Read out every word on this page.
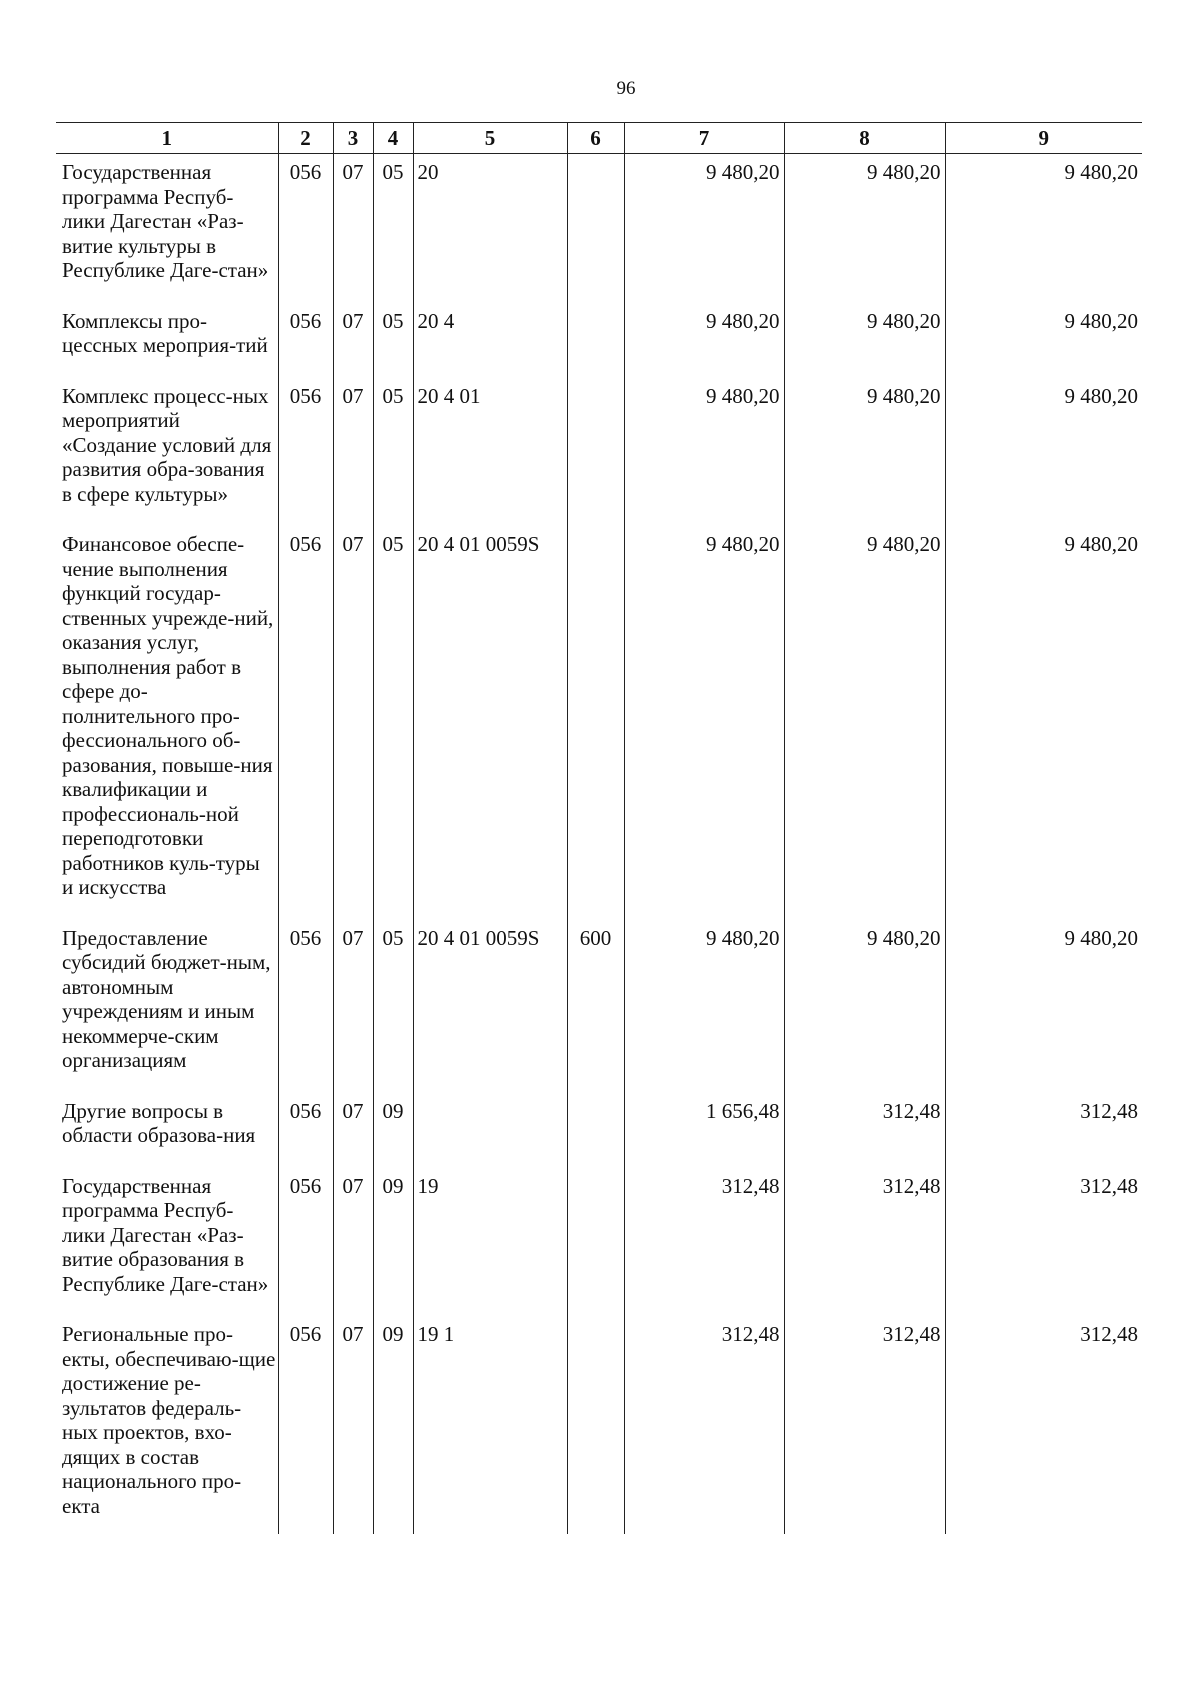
96
1	2	3	4	5	6	7	8	9
Государственная программа Респуб-лики Дагестан «Раз-витие культуры в Республике Даге-стан»	056	07	05	20		9 480,20	9 480,20	9 480,20
Комплексы про-цессных мероприя-тий	056	07	05	20 4		9 480,20	9 480,20	9 480,20
Комплекс процесс-ных мероприятий «Создание условий для развития обра-зования в сфере культуры»	056	07	05	20 4 01		9 480,20	9 480,20	9 480,20
Финансовое обеспе-чение выполнения функций государ-ственных учрежде-ний, оказания услуг, выполнения работ в сфере до-полнительного про-фессионального об-разования, повыше-ния квалификации и профессиональ-ной переподготовки работников куль-туры и искусства	056	07	05	20 4 01 0059S		9 480,20	9 480,20	9 480,20
Предоставление субсидий бюджет-ным, автономным учреждениям и иным некоммерче-ским организациям	056	07	05	20 4 01 0059S	600	9 480,20	9 480,20	9 480,20
Другие вопросы в области образова-ния	056	07	09			1 656,48	312,48	312,48
Государственная программа Респуб-лики Дагестан «Раз-витие образования в Республике Даге-стан»	056	07	09	19		312,48	312,48	312,48
Региональные про-екты, обеспечиваю-щие достижение ре-зультатов федераль-ных проектов, вхо-дящих в состав национального про-екта	056	07	09	19 1		312,48	312,48	312,48
